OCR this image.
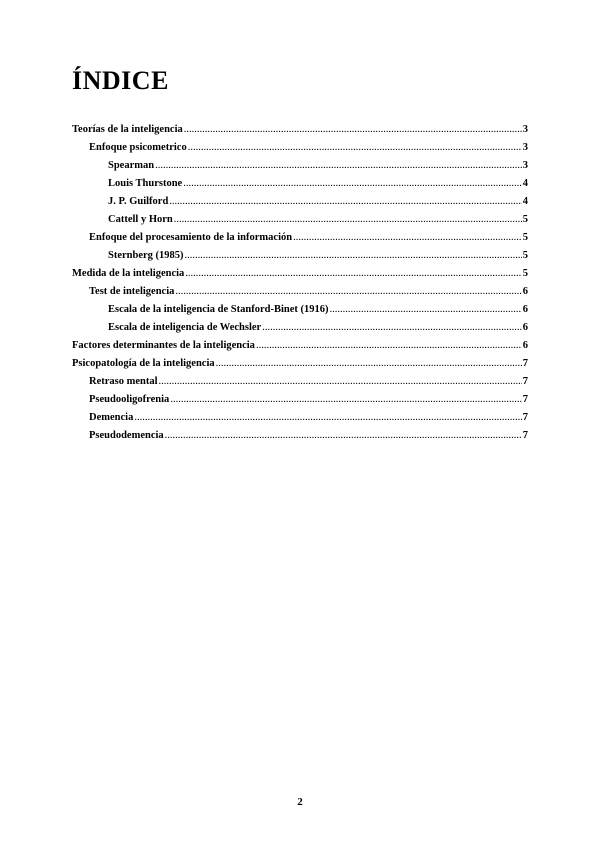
ÍNDICE
Teorías de la inteligencia .....	3
Enfoque psicometrico .....	3
Spearman .....	3
Louis Thurstone .....	4
J. P. Guilford .....	4
Cattell y Horn .....	5
Enfoque del procesamiento de la información .....	5
Sternberg (1985) .....	5
Medida de la inteligencia .....	5
Test de inteligencia .....	6
Escala de la inteligencia de Stanford-Binet (1916) .....	6
Escala de inteligencia de Wechsler .....	6
Factores determinantes de la inteligencia .....	6
Psicopatología de la inteligencia .....	7
Retraso mental .....	7
Pseudooligofrenia .....	7
Demencia .....	7
Pseudodemencia .....	7
2
